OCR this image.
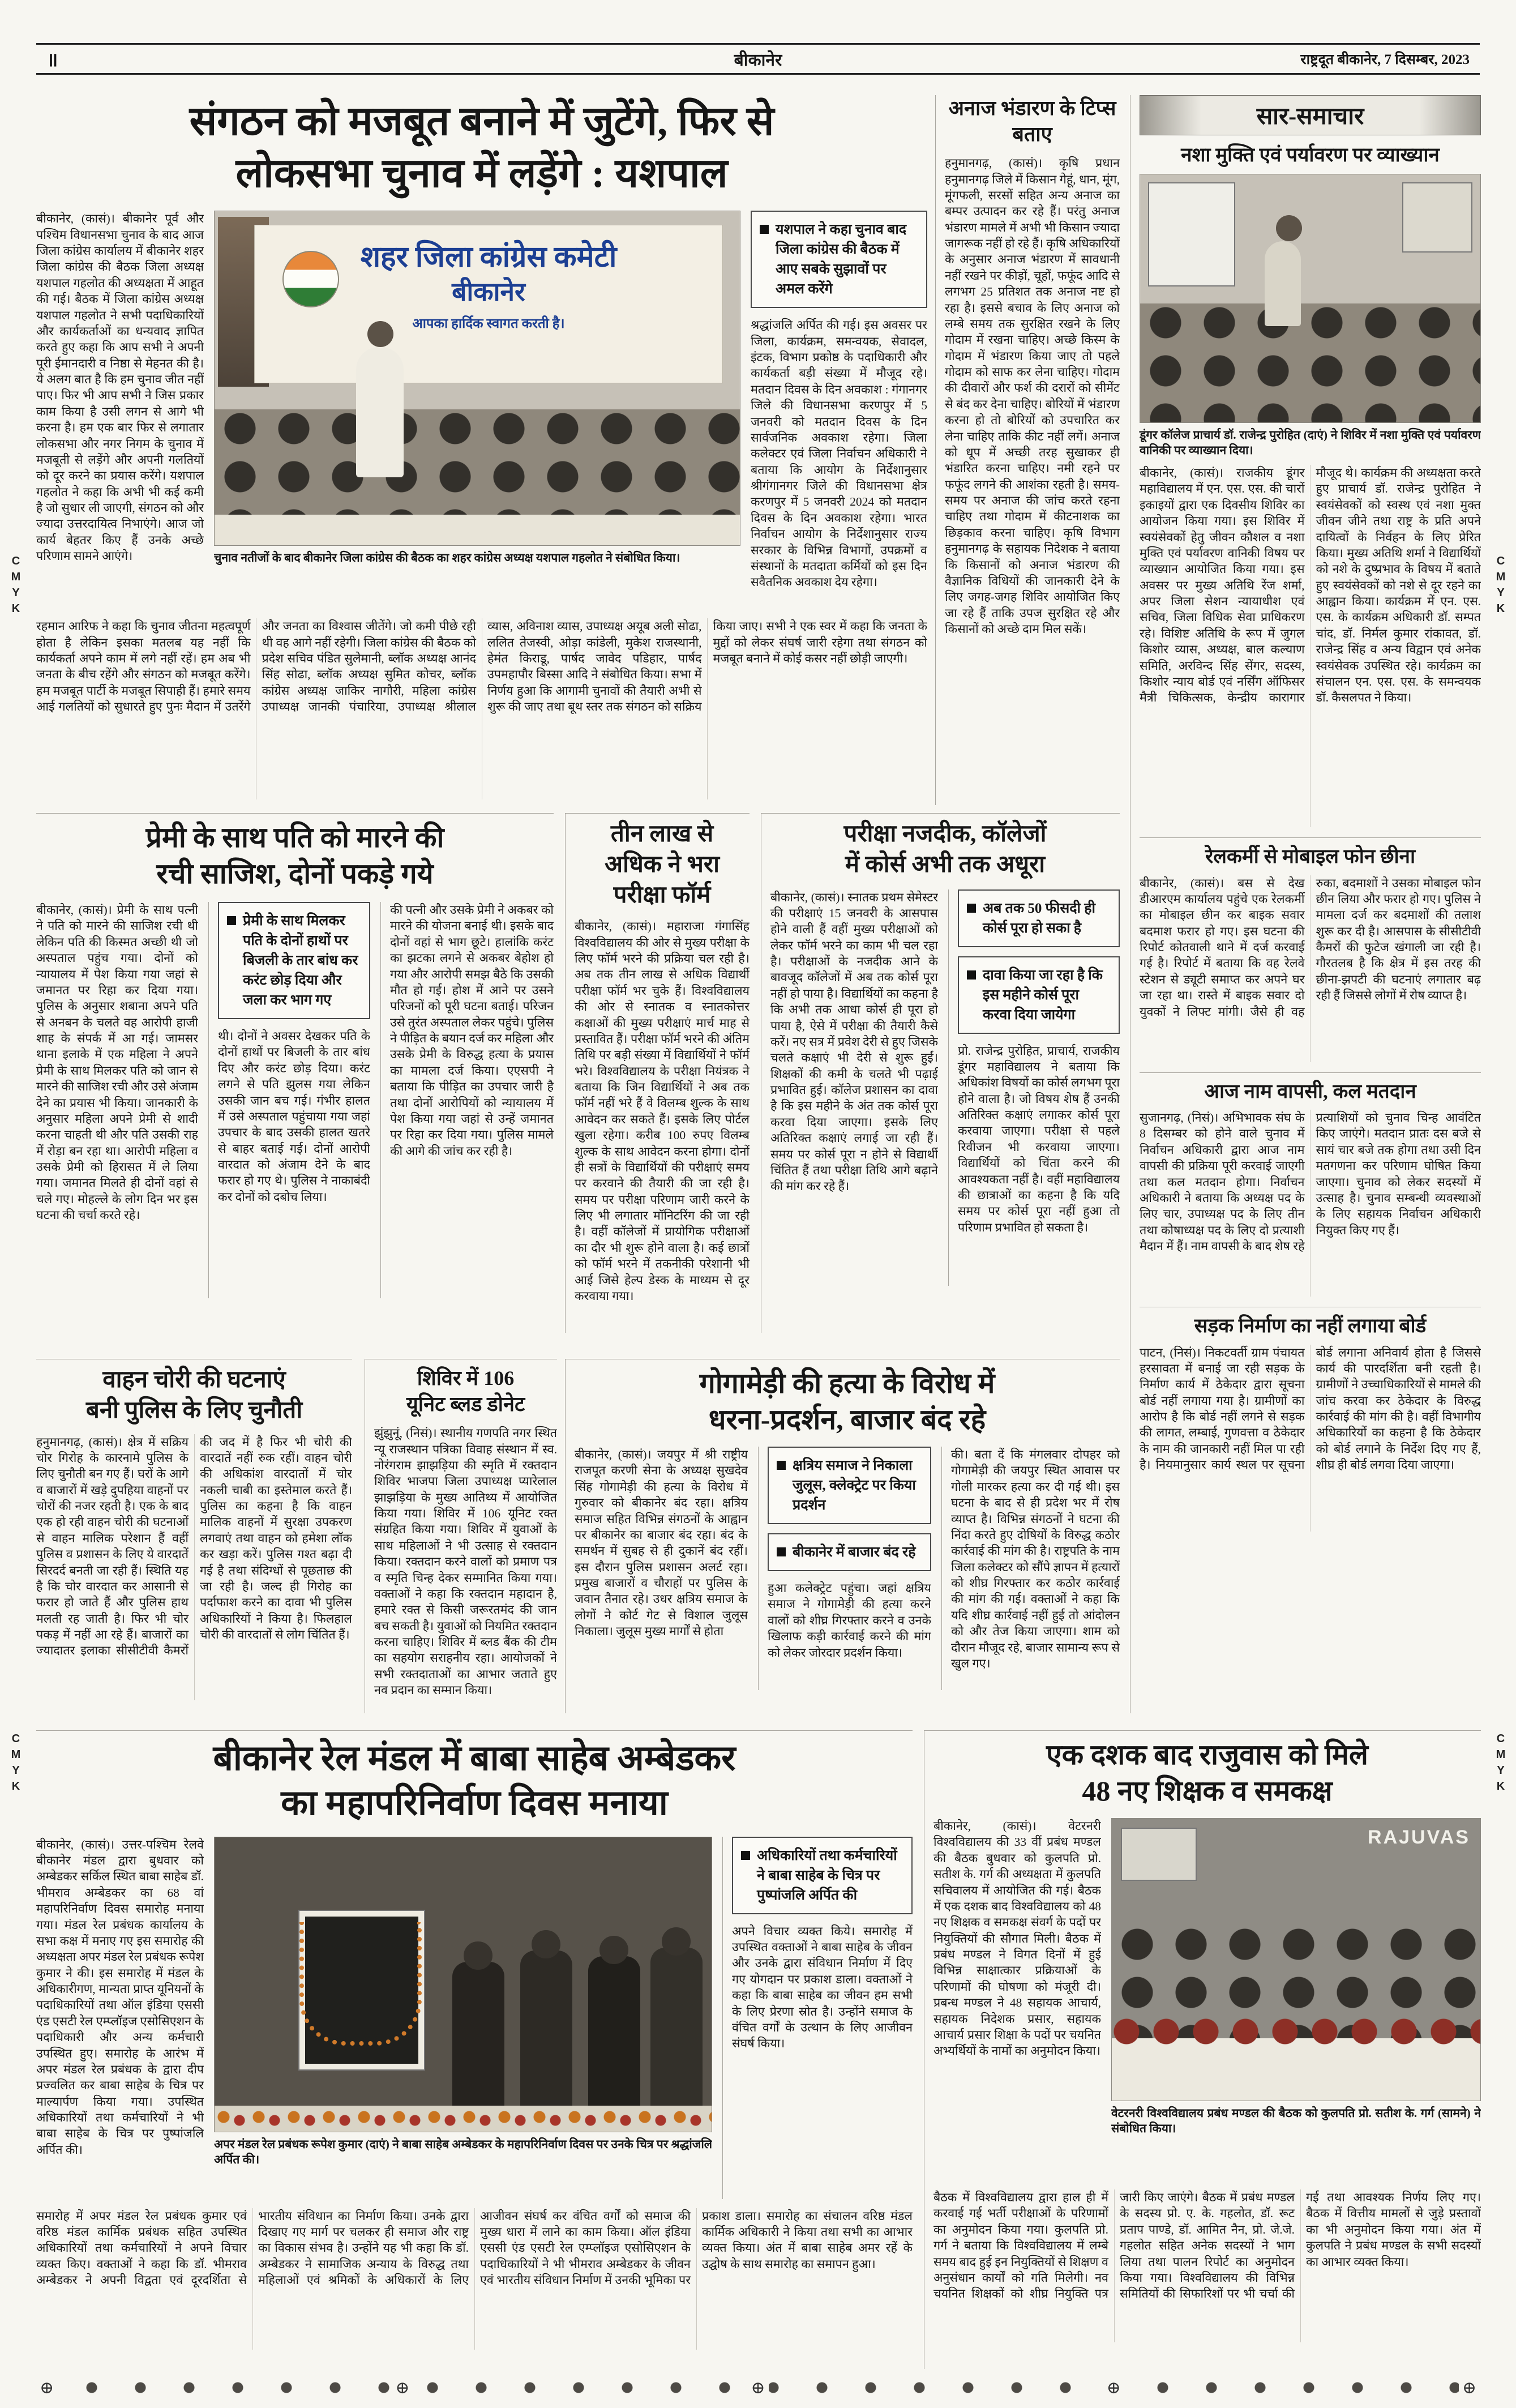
॥	बीकानेर	राष्ट्रदूत बीकानेर, 7 दिसम्बर, 2023
CMYK	CMYK
CMYK	CMYK
संगठन को मजबूत बनाने में जुटेंगे, फिर से
लोकसभा चुनाव में लड़ेंगे : यशपाल
बीकानेर, (कासं)। बीकानेर पूर्व और पश्चिम विधानसभा चुनाव के बाद आज जिला कांग्रेस कार्यालय में बीकानेर शहर जिला कांग्रेस की बैठक जिला अध्यक्ष यशपाल गहलोत की अध्यक्षता में आहूत की गई। बैठक में जिला कांग्रेस अध्यक्ष यशपाल गहलोत ने सभी पदाधिकारियों और कार्यकर्ताओं का धन्यवाद ज्ञापित करते हुए कहा कि आप सभी ने अपनी पूरी ईमानदारी व निष्ठा से मेहनत की है। ये अलग बात है कि हम चुनाव जीत नहीं पाए। फिर भी आप सभी ने जिस प्रकार काम किया है उसी लगन से आगे भी करना है। हम एक बार फिर से लगातार लोकसभा और नगर निगम के चुनाव में मजबूती से लड़ेंगे और अपनी गलतियों को दूर करने का प्रयास करेंगे। यशपाल गहलोत ने कहा कि अभी भी कई कमी है जो सुधार ली जाएगी, संगठन को और ज्यादा उत्तरदायित्व निभाएंगे। आज जो कार्य बेहतर किए हैं उनके अच्छे परिणाम सामने आएंगे।
शहर जिला कांग्रेस कमेटी
बीकानेर
आपका हार्दिक स्वागत करती है।
चुनाव नतीजों के बाद बीकानेर जिला कांग्रेस की बैठक का शहर कांग्रेस अध्यक्ष यशपाल गहलोत ने संबोधित किया।
यशपाल ने कहा चुनाव बाद जिला कांग्रेस की बैठक में आए सबके सुझावों पर अमल करेंगे
श्रद्धांजलि अर्पित की गई। इस अवसर पर जिला, कार्यक्रम, समन्वयक, सेवादल, इंटक, विभाग प्रकोष्ठ के पदाधिकारी और कार्यकर्ता बड़ी संख्या में मौजूद रहे। मतदान दिवस के दिन अवकाश : गंगानगर जिले की विधानसभा करणपुर में 5 जनवरी को मतदान दिवस के दिन सार्वजनिक अवकाश रहेगा। जिला कलेक्टर एवं जिला निर्वाचन अधिकारी ने बताया कि आयोग के निर्देशानुसार श्रीगंगानगर जिले की विधानसभा क्षेत्र करणपुर में 5 जनवरी 2024 को मतदान दिवस के दिन अवकाश रहेगा। भारत निर्वाचन आयोग के निर्देशानुसार राज्य सरकार के विभिन्न विभागों, उपक्रमों व संस्थानों के मतदाता कर्मियों को इस दिन सवैतनिक अवकाश देय रहेगा।
रहमान आरिफ ने कहा कि चुनाव जीतना महत्वपूर्ण होता है लेकिन इसका मतलब यह नहीं कि कार्यकर्ता अपने काम में लगे नहीं रहें। हम अब भी जनता के बीच रहेंगे और संगठन को मजबूत करेंगे। हम मजबूत पार्टी के मजबूत सिपाही हैं। हमारे समय आई गलतियों को सुधारते हुए पुनः मैदान में उतरेंगे और जनता का विश्वास जीतेंगे। जो कमी पीछे रही थी वह आगे नहीं रहेगी। जिला कांग्रेस की बैठक को प्रदेश सचिव पंडित सुलेमानी, ब्लॉक अध्यक्ष आनंद सिंह सोढा, ब्लॉक अध्यक्ष सुमित कोचर, ब्लॉक कांग्रेस अध्यक्ष जाकिर नागौरी, महिला कांग्रेस उपाध्यक्ष जानकी पंचारिया, उपाध्यक्ष श्रीलाल व्यास, अविनाश व्यास, उपाध्यक्ष अयूब अली सोढा, ललित तेजस्वी, ओड़ा कांडेली, मुकेश राजस्थानी, हेमंत किराडू, पार्षद जावेद पडिहार, पार्षद उपमहापौर बिस्सा आदि ने संबोधित किया। सभा में निर्णय हुआ कि आगामी चुनावों की तैयारी अभी से शुरू की जाए तथा बूथ स्तर तक संगठन को सक्रिय किया जाए। सभी ने एक स्वर में कहा कि जनता के मुद्दों को लेकर संघर्ष जारी रहेगा तथा संगठन को मजबूत बनाने में कोई कसर नहीं छोड़ी जाएगी।
अनाज भंडारण के टिप्स बताए
हनुमानगढ़, (कासं)। कृषि प्रधान हनुमानगढ़ जिले में किसान गेहूं, धान, मूंग, मूंगफली, सरसों सहित अन्य अनाज का बम्पर उत्पादन कर रहे हैं। परंतु अनाज भंडारण मामले में अभी भी किसान ज्यादा जागरूक नहीं हो रहे हैं। कृषि अधिकारियों के अनुसार अनाज भंडारण में सावधानी नहीं रखने पर कीड़ों, चूहों, फफूंद आदि से लगभग 25 प्रतिशत तक अनाज नष्ट हो रहा है। इससे बचाव के लिए अनाज को लम्बे समय तक सुरक्षित रखने के लिए गोदाम में रखना चाहिए। अच्छे किस्म के गोदाम में भंडारण किया जाए तो पहले गोदाम को साफ कर लेना चाहिए। गोदाम की दीवारों और फर्श की दरारों को सीमेंट से बंद कर देना चाहिए। बोरियों में भंडारण करना हो तो बोरियों को उपचारित कर लेना चाहिए ताकि कीट नहीं लगें। अनाज को धूप में अच्छी तरह सुखाकर ही भंडारित करना चाहिए। नमी रहने पर फफूंद लगने की आशंका रहती है। समय-समय पर अनाज की जांच करते रहना चाहिए तथा गोदाम में कीटनाशक का छिड़काव करना चाहिए। कृषि विभाग हनुमानगढ़ के सहायक निदेशक ने बताया कि किसानों को अनाज भंडारण की वैज्ञानिक विधियों की जानकारी देने के लिए जगह-जगह शिविर आयोजित किए जा रहे हैं ताकि उपज सुरक्षित रहे और किसानों को अच्छे दाम मिल सकें।
सार-समाचार
नशा मुक्ति एवं पर्यावरण पर व्याख्यान
डूंगर कॉलेज प्राचार्य डॉ. राजेन्द्र पुरोहित (दाएं) ने शिविर में नशा मुक्ति एवं पर्यावरण वानिकी पर व्याख्यान दिया।
बीकानेर, (कासं)। राजकीय डूंगर महाविद्यालय में एन. एस. एस. की चारों इकाइयों द्वारा एक दिवसीय शिविर का आयोजन किया गया। इस शिविर में स्वयंसेवकों हेतु जीवन कौशल व नशा मुक्ति एवं पर्यावरण वानिकी विषय पर व्याख्यान आयोजित किया गया। इस अवसर पर मुख्य अतिथि रेंज शर्मा, अपर जिला सेशन न्यायाधीश एवं सचिव, जिला विधिक सेवा प्राधिकरण रहे। विशिष्ट अतिथि के रूप में जुगल किशोर व्यास, अध्यक्ष, बाल कल्याण समिति, अरविन्द सिंह सेंगर, सदस्य, किशोर न्याय बोर्ड एवं नर्सिंग ऑफिसर मैत्री चिकित्सक, केन्द्रीय कारागार मौजूद थे। कार्यक्रम की अध्यक्षता करते हुए प्राचार्य डॉ. राजेन्द्र पुरोहित ने स्वयंसेवकों को स्वस्थ एवं नशा मुक्त जीवन जीने तथा राष्ट्र के प्रति अपने दायित्वों के निर्वहन के लिए प्रेरित किया। मुख्य अतिथि शर्मा ने विद्यार्थियों को नशे के दुष्प्रभाव के विषय में बताते हुए स्वयंसेवकों को नशे से दूर रहने का आह्वान किया। कार्यक्रम में एन. एस. एस. के कार्यक्रम अधिकारी डॉ. सम्पत चांद, डॉ. निर्मल कुमार रांकावत, डॉ. राजेन्द्र सिंह व अन्य विद्वान एवं अनेक स्वयंसेवक उपस्थित रहे। कार्यक्रम का संचालन एन. एस. एस. के समन्वयक डॉ. कैसलपत ने किया।
रेलकर्मी से मोबाइल फोन छीना
बीकानेर, (कासं)। बस से देख डीआरएम कार्यालय पहुंचे एक रेलकर्मी का मोबाइल छीन कर बाइक सवार बदमाश फरार हो गए। इस घटना की रिपोर्ट कोतवाली थाने में दर्ज करवाई गई है। रिपोर्ट में बताया कि वह रेलवे स्टेशन से ड्यूटी समाप्त कर अपने घर जा रहा था। रास्ते में बाइक सवार दो युवकों ने लिफ्ट मांगी। जैसे ही वह रुका, बदमाशों ने उसका मोबाइल फोन छीन लिया और फरार हो गए। पुलिस ने मामला दर्ज कर बदमाशों की तलाश शुरू कर दी है। आसपास के सीसीटीवी कैमरों की फुटेज खंगाली जा रही है। गौरतलब है कि क्षेत्र में इस तरह की छीना-झपटी की घटनाएं लगातार बढ़ रही हैं जिससे लोगों में रोष व्याप्त है।
आज नाम वापसी, कल मतदान
सुजानगढ़, (निसं)। अभिभावक संघ के 8 दिसम्बर को होने वाले चुनाव में निर्वाचन अधिकारी द्वारा आज नाम वापसी की प्रक्रिया पूरी करवाई जाएगी तथा कल मतदान होगा। निर्वाचन अधिकारी ने बताया कि अध्यक्ष पद के लिए चार, उपाध्यक्ष पद के लिए तीन तथा कोषाध्यक्ष पद के लिए दो प्रत्याशी मैदान में हैं। नाम वापसी के बाद शेष रहे प्रत्याशियों को चुनाव चिन्ह आवंटित किए जाएंगे। मतदान प्रातः दस बजे से सायं चार बजे तक होगा तथा उसी दिन मतगणना कर परिणाम घोषित किया जाएगा। चुनाव को लेकर सदस्यों में उत्साह है। चुनाव सम्बन्धी व्यवस्थाओं के लिए सहायक निर्वाचन अधिकारी नियुक्त किए गए हैं।
सड़क निर्माण का नहीं लगाया बोर्ड
पाटन, (निसं)। निकटवर्ती ग्राम पंचायत हरसावता में बनाई जा रही सड़क के निर्माण कार्य में ठेकेदार द्वारा सूचना बोर्ड नहीं लगाया गया है। ग्रामीणों का आरोप है कि बोर्ड नहीं लगने से सड़क की लागत, लम्बाई, गुणवत्ता व ठेकेदार के नाम की जानकारी नहीं मिल पा रही है। नियमानुसार कार्य स्थल पर सूचना बोर्ड लगाना अनिवार्य होता है जिससे कार्य की पारदर्शिता बनी रहती है। ग्रामीणों ने उच्चाधिकारियों से मामले की जांच करवा कर ठेकेदार के विरुद्ध कार्रवाई की मांग की है। वहीं विभागीय अधिकारियों का कहना है कि ठेकेदार को बोर्ड लगाने के निर्देश दिए गए हैं, शीघ्र ही बोर्ड लगवा दिया जाएगा।
प्रेमी के साथ पति को मारने की
रची साजिश, दोनों पकड़े गये
बीकानेर, (कासं)। प्रेमी के साथ पत्नी ने पति को मारने की साजिश रची थी लेकिन पति की किस्मत अच्छी थी जो अस्पताल पहुंच गया। दोनों को न्यायालय में पेश किया गया जहां से जमानत पर रिहा कर दिया गया। पुलिस के अनुसार शबाना अपने पति से अनबन के चलते वह आरोपी हाजी शाह के संपर्क में आ गई। जामसर थाना इलाके में एक महिला ने अपने प्रेमी के साथ मिलकर पति को जान से मारने की साजिश रची और उसे अंजाम देने का प्रयास भी किया। जानकारी के अनुसार महिला अपने प्रेमी से शादी करना चाहती थी और पति उसकी राह में रोड़ा बन रहा था। आरोपी महिला व उसके प्रेमी को हिरासत में ले लिया गया। जमानत मिलते ही दोनों वहां से चले गए। मोहल्ले के लोग दिन भर इस घटना की चर्चा करते रहे।
प्रेमी के साथ मिलकर पति के दोनों हाथों पर बिजली के तार बांध कर करंट छोड़ दिया और जला कर भाग गए
थी। दोनों ने अवसर देखकर पति के दोनों हाथों पर बिजली के तार बांध दिए और करंट छोड़ दिया। करंट लगने से पति झुलस गया लेकिन उसकी जान बच गई। गंभीर हालत में उसे अस्पताल पहुंचाया गया जहां उपचार के बाद उसकी हालत खतरे से बाहर बताई गई। दोनों आरोपी वारदात को अंजाम देने के बाद फरार हो गए थे। पुलिस ने नाकाबंदी कर दोनों को दबोच लिया।
की पत्नी और उसके प्रेमी ने अकबर को मारने की योजना बनाई थी। इसके बाद दोनों वहां से भाग छूटे। हालांकि करंट का झटका लगने से अकबर बेहोश हो गया और आरोपी समझ बैठे कि उसकी मौत हो गई। होश में आने पर उसने परिजनों को पूरी घटना बताई। परिजन उसे तुरंत अस्पताल लेकर पहुंचे। पुलिस ने पीड़ित के बयान दर्ज कर महिला और उसके प्रेमी के विरुद्ध हत्या के प्रयास का मामला दर्ज किया। एएसपी ने बताया कि पीड़ित का उपचार जारी है तथा दोनों आरोपियों को न्यायालय में पेश किया गया जहां से उन्हें जमानत पर रिहा कर दिया गया। पुलिस मामले की आगे की जांच कर रही है।
तीन लाख से
अधिक ने भरा
परीक्षा फॉर्म
बीकानेर, (कासं)। महाराजा गंगासिंह विश्वविद्यालय की ओर से मुख्य परीक्षा के लिए फॉर्म भरने की प्रक्रिया चल रही है। अब तक तीन लाख से अधिक विद्यार्थी परीक्षा फॉर्म भर चुके हैं। विश्वविद्यालय की ओर से स्नातक व स्नातकोत्तर कक्षाओं की मुख्य परीक्षाएं मार्च माह से प्रस्तावित हैं। परीक्षा फॉर्म भरने की अंतिम तिथि पर बड़ी संख्या में विद्यार्थियों ने फॉर्म भरे। विश्वविद्यालय के परीक्षा नियंत्रक ने बताया कि जिन विद्यार्थियों ने अब तक फॉर्म नहीं भरे हैं वे विलम्ब शुल्क के साथ आवेदन कर सकते हैं। इसके लिए पोर्टल खुला रहेगा। करीब 100 रुपए विलम्ब शुल्क के साथ आवेदन करना होगा। दोनों ही सत्रों के विद्यार्थियों की परीक्षाएं समय पर करवाने की तैयारी की जा रही है। समय पर परीक्षा परिणाम जारी करने के लिए भी लगातार मॉनिटरिंग की जा रही है। वहीं कॉलेजों में प्रायोगिक परीक्षाओं का दौर भी शुरू होने वाला है। कई छात्रों को फॉर्म भरने में तकनीकी परेशानी भी आई जिसे हेल्प डेस्क के माध्यम से दूर करवाया गया।
परीक्षा नजदीक, कॉलेजों
में कोर्स अभी तक अधूरा
बीकानेर, (कासं)। स्नातक प्रथम सेमेस्टर की परीक्षाएं 15 जनवरी के आसपास होने वाली हैं वहीं मुख्य परीक्षाओं को लेकर फॉर्म भरने का काम भी चल रहा है। परीक्षाओं के नजदीक आने के बावजूद कॉलेजों में अब तक कोर्स पूरा नहीं हो पाया है। विद्यार्थियों का कहना है कि अभी तक आधा कोर्स ही पूरा हो पाया है, ऐसे में परीक्षा की तैयारी कैसे करें। नए सत्र में प्रवेश देरी से हुए जिसके चलते कक्षाएं भी देरी से शुरू हुईं। शिक्षकों की कमी के चलते भी पढ़ाई प्रभावित हुई। कॉलेज प्रशासन का दावा है कि इस महीने के अंत तक कोर्स पूरा करवा दिया जाएगा। इसके लिए अतिरिक्त कक्षाएं लगाई जा रही हैं। समय पर कोर्स पूरा न होने से विद्यार्थी चिंतित हैं तथा परीक्षा तिथि आगे बढ़ाने की मांग कर रहे हैं।
अब तक 50 फीसदी ही कोर्स पूरा हो सका है
दावा किया जा रहा है कि इस महीने कोर्स पूरा करवा दिया जायेगा
प्रो. राजेन्द्र पुरोहित, प्राचार्य, राजकीय डूंगर महाविद्यालय ने बताया कि अधिकांश विषयों का कोर्स लगभग पूरा होने वाला है। जो विषय शेष हैं उनकी अतिरिक्त कक्षाएं लगाकर कोर्स पूरा करवाया जाएगा। परीक्षा से पहले रिवीजन भी करवाया जाएगा। विद्यार्थियों को चिंता करने की आवश्यकता नहीं है। वहीं महाविद्यालय की छात्राओं का कहना है कि यदि समय पर कोर्स पूरा नहीं हुआ तो परिणाम प्रभावित हो सकता है।
वाहन चोरी की घटनाएं
बनी पुलिस के लिए चुनौती
हनुमानगढ़, (कासं)। क्षेत्र में सक्रिय चोर गिरोह के कारनामे पुलिस के लिए चुनौती बन गए हैं। घरों के आगे व बाजारों में खड़े दुपहिया वाहनों पर चोरों की नजर रहती है। एक के बाद एक हो रही वाहन चोरी की घटनाओं से वाहन मालिक परेशान हैं वहीं पुलिस व प्रशासन के लिए ये वारदातें सिरदर्द बनती जा रही हैं। स्थिति यह है कि चोर वारदात कर आसानी से फरार हो जाते हैं और पुलिस हाथ मलती रह जाती है। फिर भी चोर पकड़ में नहीं आ रहे हैं। बाजारों का ज्यादातर इलाका सीसीटीवी कैमरों की जद में है फिर भी चोरी की वारदातें नहीं रुक रहीं। वाहन चोरी की अधिकांश वारदातों में चोर नकली चाबी का इस्तेमाल करते हैं। पुलिस का कहना है कि वाहन मालिक वाहनों में सुरक्षा उपकरण लगवाएं तथा वाहन को हमेशा लॉक कर खड़ा करें। पुलिस गश्त बढ़ा दी गई है तथा संदिग्धों से पूछताछ की जा रही है। जल्द ही गिरोह का पर्दाफाश करने का दावा भी पुलिस अधिकारियों ने किया है। फिलहाल चोरी की वारदातों से लोग चिंतित हैं।
शिविर में 106
यूनिट ब्लड डोनेट
झुंझुनूं, (निसं)। स्थानीय गणपति नगर स्थित न्यू राजस्थान पत्रिका विवाह संस्थान में स्व. नोरंगराम झाझड़िया की स्मृति में रक्तदान शिविर भाजपा जिला उपाध्यक्ष प्यारेलाल झाझड़िया के मुख्य आतिथ्य में आयोजित किया गया। शिविर में 106 यूनिट रक्त संग्रहित किया गया। शिविर में युवाओं के साथ महिलाओं ने भी उत्साह से रक्तदान किया। रक्तदान करने वालों को प्रमाण पत्र व स्मृति चिन्ह देकर सम्मानित किया गया। वक्ताओं ने कहा कि रक्तदान महादान है, हमारे रक्त से किसी जरूरतमंद की जान बच सकती है। युवाओं को नियमित रक्तदान करना चाहिए। शिविर में ब्लड बैंक की टीम का सहयोग सराहनीय रहा। आयोजकों ने सभी रक्तदाताओं का आभार जताते हुए नव प्रदान का सम्मान किया।
गोगामेड़ी की हत्या के विरोध में
धरना-प्रदर्शन, बाजार बंद रहे
बीकानेर, (कासं)। जयपुर में श्री राष्ट्रीय राजपूत करणी सेना के अध्यक्ष सुखदेव सिंह गोगामेड़ी की हत्या के विरोध में गुरुवार को बीकानेर बंद रहा। क्षत्रिय समाज सहित विभिन्न संगठनों के आह्वान पर बीकानेर का बाजार बंद रहा। बंद के समर्थन में सुबह से ही दुकानें बंद रहीं। इस दौरान पुलिस प्रशासन अलर्ट रहा। प्रमुख बाजारों व चौराहों पर पुलिस के जवान तैनात रहे। उधर क्षत्रिय समाज के लोगों ने कोर्ट गेट से विशाल जुलूस निकाला। जुलूस मुख्य मार्गों से होता
क्षत्रिय समाज ने निकाला जुलूस, क्लेक्ट्रेट पर किया प्रदर्शन
बीकानेर में बाजार बंद रहे
हुआ कलेक्ट्रेट पहुंचा। जहां क्षत्रिय समाज ने गोगामेड़ी की हत्या करने वालों को शीघ्र गिरफ्तार करने व उनके खिलाफ कड़ी कार्रवाई करने की मांग को लेकर जोरदार प्रदर्शन किया।
की। बता दें कि मंगलवार दोपहर को गोगामेड़ी की जयपुर स्थित आवास पर गोली मारकर हत्या कर दी गई थी। इस घटना के बाद से ही प्रदेश भर में रोष व्याप्त है। विभिन्न संगठनों ने घटना की निंदा करते हुए दोषियों के विरुद्ध कठोर कार्रवाई की मांग की है। राष्ट्रपति के नाम जिला कलेक्टर को सौंपे ज्ञापन में हत्यारों को शीघ्र गिरफ्तार कर कठोर कार्रवाई की मांग की गई। वक्ताओं ने कहा कि यदि शीघ्र कार्रवाई नहीं हुई तो आंदोलन को और तेज किया जाएगा। शाम को दौरान मौजूद रहे, बाजार सामान्य रूप से खुल गए।
बीकानेर रेल मंडल में बाबा साहेब अम्बेडकर
का महापरिनिर्वाण दिवस मनाया
बीकानेर, (कासं)। उत्तर-पश्चिम रेलवे बीकानेर मंडल द्वारा बुधवार को अम्बेडकर सर्किल स्थित बाबा साहेब डॉ. भीमराव अम्बेडकर का 68 वां महापरिनिर्वाण दिवस समारोह मनाया गया। मंडल रेल प्रबंधक कार्यालय के सभा कक्ष में मनाए गए इस समारोह की अध्यक्षता अपर मंडल रेल प्रबंधक रूपेश कुमार ने की। इस समारोह में मंडल के अधिकारीगण, मान्यता प्राप्त यूनियनों के पदाधिकारियों तथा ऑल इंडिया एससी एंड एसटी रेल एम्प्लॉइज एसोसिएशन के पदाधिकारी और अन्य कर्मचारी उपस्थित हुए। समारोह के आरंभ में अपर मंडल रेल प्रबंधक के द्वारा दीप प्रज्वलित कर बाबा साहेब के चित्र पर माल्यार्पण किया गया। उपस्थित अधिकारियों तथा कर्मचारियों ने भी बाबा साहेब के चित्र पर पुष्पांजलि अर्पित की।	अपर मंडल रेल प्रबंधक रूपेश कुमार (दाएं) ने बाबा साहेब अम्बेडकर के महापरिनिर्वाण दिवस पर उनके चित्र पर श्रद्धांजलि अर्पित की।
अधिकारियों तथा कर्मचारियों ने बाबा साहेब के चित्र पर पुष्पांजलि अर्पित की
अपने विचार व्यक्त किये। समारोह में उपस्थित वक्ताओं ने बाबा साहेब के जीवन और उनके द्वारा संविधान निर्माण में दिए गए योगदान पर प्रकाश डाला। वक्ताओं ने कहा कि बाबा साहेब का जीवन हम सभी के लिए प्रेरणा स्रोत है। उन्होंने समाज के वंचित वर्गों के उत्थान के लिए आजीवन संघर्ष किया।
समारोह में अपर मंडल रेल प्रबंधक कुमार एवं वरिष्ठ मंडल कार्मिक प्रबंधक सहित उपस्थित अधिकारियों तथा कर्मचारियों ने अपने विचार व्यक्त किए। वक्ताओं ने कहा कि डॉ. भीमराव अम्बेडकर ने अपनी विद्वता एवं दूरदर्शिता से भारतीय संविधान का निर्माण किया। उनके द्वारा दिखाए गए मार्ग पर चलकर ही समाज और राष्ट्र का विकास संभव है। उन्होंने यह भी कहा कि डॉ. अम्बेडकर ने सामाजिक अन्याय के विरुद्ध तथा महिलाओं एवं श्रमिकों के अधिकारों के लिए आजीवन संघर्ष कर वंचित वर्गों को समाज की मुख्य धारा में लाने का काम किया। ऑल इंडिया एससी एंड एसटी रेल एम्प्लॉइज एसोसिएशन के पदाधिकारियों ने भी भीमराव अम्बेडकर के जीवन एवं भारतीय संविधान निर्माण में उनकी भूमिका पर प्रकाश डाला। समारोह का संचालन वरिष्ठ मंडल कार्मिक अधिकारी ने किया तथा सभी का आभार व्यक्त किया। अंत में बाबा साहेब अमर रहें के उद्घोष के साथ समारोह का समापन हुआ।
एक दशक बाद राजुवास को मिले
48 नए शिक्षक व समकक्ष
बीकानेर, (कासं)। वेटरनरी विश्वविद्यालय की 33 वीं प्रबंध मण्डल की बैठक बुधवार को कुलपति प्रो. सतीश के. गर्ग की अध्यक्षता में कुलपति सचिवालय में आयोजित की गई। बैठक में एक दशक बाद विश्वविद्यालय को 48 नए शिक्षक व समकक्ष संवर्ग के पदों पर नियुक्तियों की सौगात मिली। बैठक में प्रबंध मण्डल ने विगत दिनों में हुई विभिन्न साक्षात्कार प्रक्रियाओं के परिणामों की घोषणा को मंजूरी दी। प्रबन्ध मण्डल ने 48 सहायक आचार्य, सहायक निदेशक प्रसार, सहायक आचार्य प्रसार शिक्षा के पदों पर चयनित अभ्यर्थियों के नामों का अनुमोदन किया।
RAJUVAS
वेटरनरी विश्वविद्यालय प्रबंध मण्डल की बैठक को कुलपति प्रो. सतीश के. गर्ग (सामने) ने संबोधित किया।
बैठक में विश्वविद्यालय द्वारा हाल ही में करवाई गई भर्ती परीक्षाओं के परिणामों का अनुमोदन किया गया। कुलपति प्रो. गर्ग ने बताया कि विश्वविद्यालय में लम्बे समय बाद हुई इन नियुक्तियों से शिक्षण व अनुसंधान कार्यों को गति मिलेगी। नव चयनित शिक्षकों को शीघ्र नियुक्ति पत्र जारी किए जाएंगे। बैठक में प्रबंध मण्डल के सदस्य प्रो. ए. के. गहलोत, डॉ. रूट प्रताप पाण्डे, डॉ. आमित नैन, प्रो. जे.जे. गहलोत सहित अनेक सदस्यों ने भाग लिया तथा पालन रिपोर्ट का अनुमोदन किया गया। विश्वविद्यालय की विभिन्न समितियों की सिफारिशों पर भी चर्चा की गई तथा आवश्यक निर्णय लिए गए। बैठक में वित्तीय मामलों से जुड़े प्रस्तावों का भी अनुमोदन किया गया। अंत में कुलपति ने प्रबंध मण्डल के सभी सदस्यों का आभार व्यक्त किया।
⊕	⊕	⊕	⊕	⊕
